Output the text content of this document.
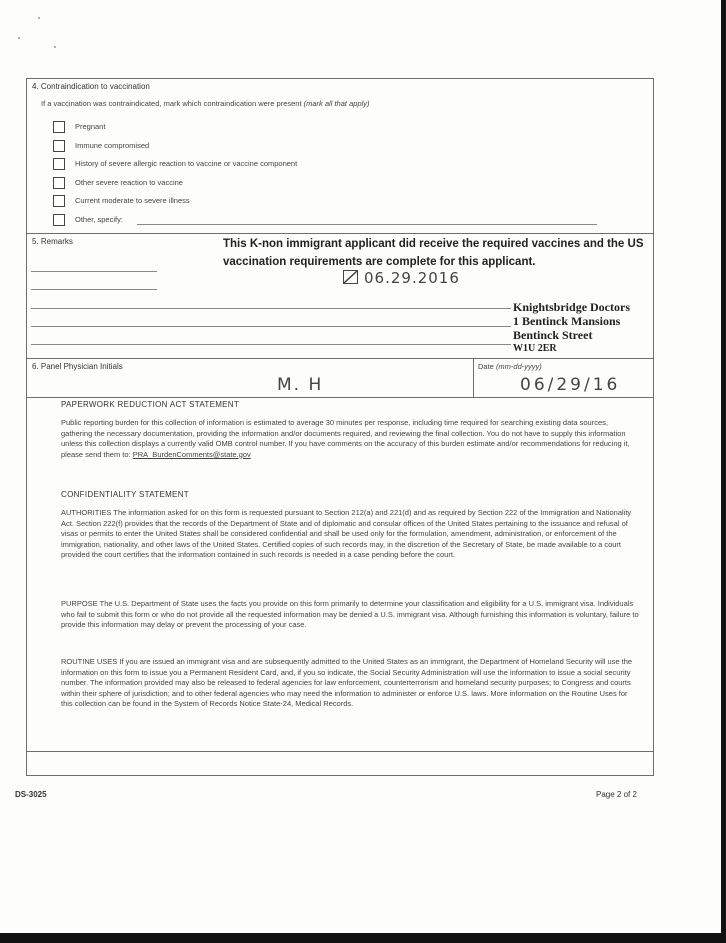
4. Contraindication to vaccination
If a vaccination was contraindicated, mark which contraindication were present (mark all that apply)
Pregnant
Immune compromised
History of severe allergic reaction to vaccine or vaccine component
Other severe reaction to vaccine
Current moderate to severe illness
Other, specify:
5. Remarks	This K-non immigrant applicant did receive the required vaccines and the US vaccination requirements are complete for this applicant.
06.29.2016
Knightsbridge Doctors
1 Bentinck Mansions
Bentinck Street
W1U 2ER
6. Panel Physician Initials
M. H
Date (mm-dd-yyyy)
06/29/16
PAPERWORK REDUCTION ACT STATEMENT
Public reporting burden for this collection of information is estimated to average 30 minutes per response, including time required for searching existing data sources, gathering the necessary documentation, providing the information and/or documents required, and reviewing the final collection. You do not have to supply this information unless this collection displays a currently valid OMB control number. If you have comments on the accuracy of this burden estimate and/or recommendations for reducing it, please send them to: PRA_BurdenComments@state.gov
CONFIDENTIALITY STATEMENT
AUTHORITIES The information asked for on this form is requested pursuant to Section 212(a) and 221(d) and as required by Section 222 of the Immigration and Nationality Act. Section 222(f) provides that the records of the Department of State and of diplomatic and consular offices of the United States pertaining to the issuance and refusal of visas or permits to enter the United States shall be considered confidential and shall be used only for the formulation, amendment, administration, or enforcement of the immigration, nationality, and other laws of the United States. Certified copies of such records may, in the discretion of the Secretary of State, be made available to a court provided the court certifies that the information contained in such records is needed in a case pending before the court.
PURPOSE The U.S. Department of State uses the facts you provide on this form primarily to determine your classification and eligibility for a U.S. immigrant visa. Individuals who fail to submit this form or who do not provide all the requested information may be denied a U.S. immigrant visa. Although furnishing this information is voluntary, failure to provide this information may delay or prevent the processing of your case.
ROUTINE USES If you are issued an immigrant visa and are subsequently admitted to the United States as an immigrant, the Department of Homeland Security will use the information on this form to issue you a Permanent Resident Card, and, if you so indicate, the Social Security Administration will use the information to issue a social security number. The information provided may also be released to federal agencies for law enforcement, counterterrorism and homeland security purposes; to Congress and courts within their sphere of jurisdiction; and to other federal agencies who may need the information to administer or enforce U.S. laws. More information on the Routine Uses for this collection can be found in the System of Records Notice State-24, Medical Records.
DS-3025	Page 2 of 2
